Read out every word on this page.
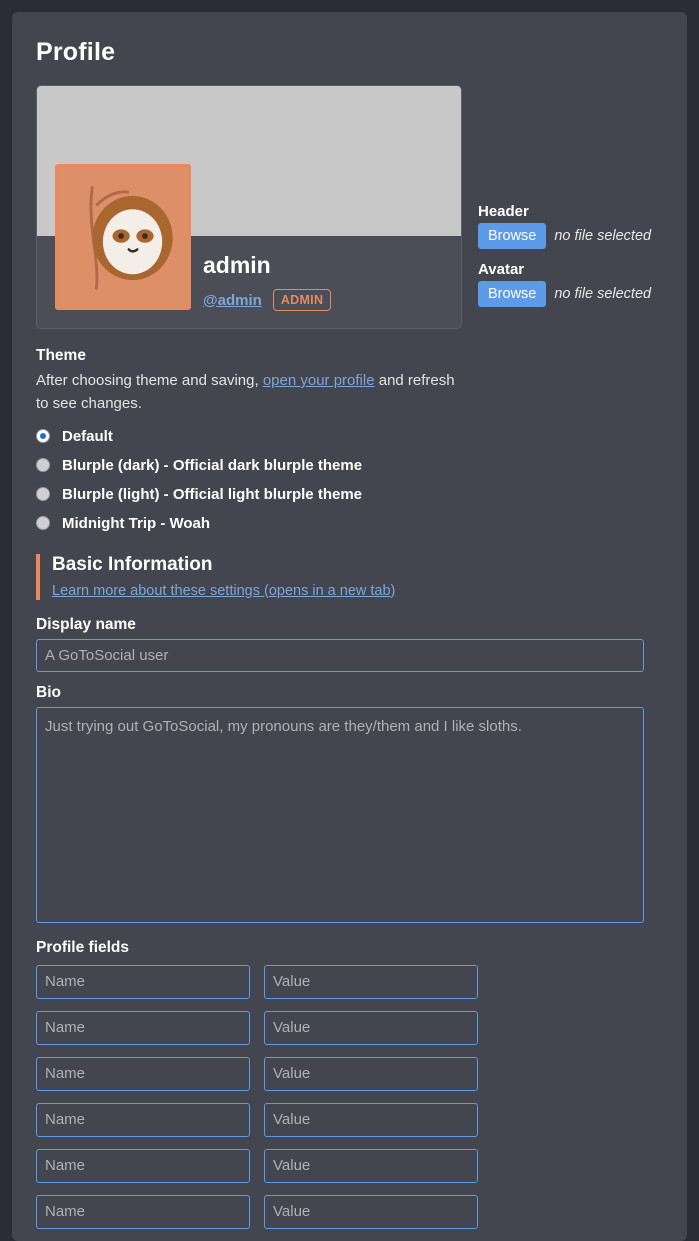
Profile

admin

@admin	ADMIN
Header
Browse	no file selected
Avatar
Browse	no file selected
Theme

After choosing theme and saving, open your profile and refresh to see changes.

Default
Blurple (dark) - Official dark blurple theme
Blurple (light) - Official light blurple theme
Midnight Trip - Woah
Basic Information
Learn more about these settings (opens in a new tab)
Display name
A GoToSocial user
Bio
Just trying out GoToSocial, my pronouns are they/them and I like sloths.
Profile fields
Name
Value
Name
Value
Name
Value
Name
Value
Name
Value
Name
Value
